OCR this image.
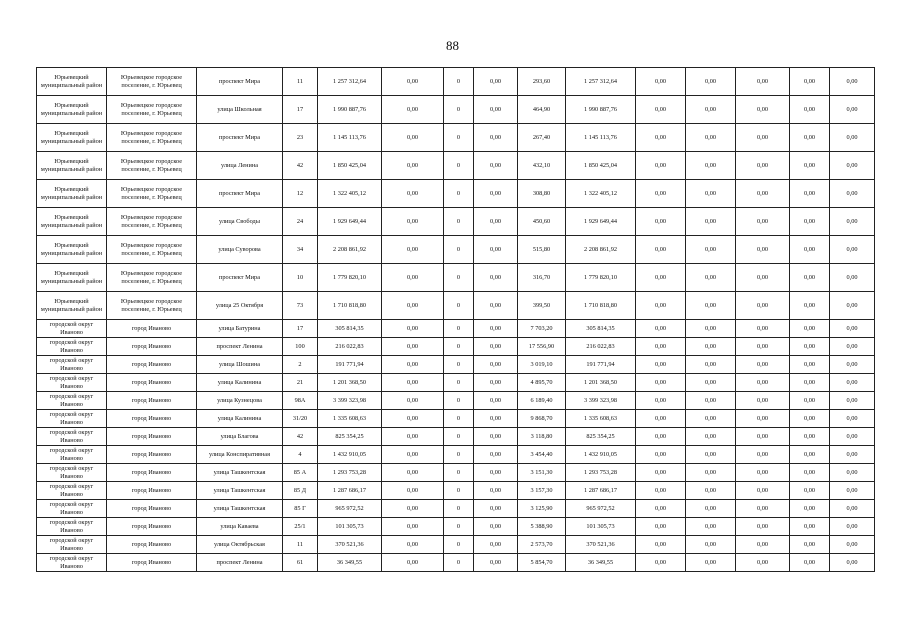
88
Юрьевецкий муниципальный район	Юрьевецкое городское поселение, г. Юрьевец	проспект Мира	11	1 257 312,64	0,00	0	0,00	293,60	1 257 312,64	0,00	0,00	0,00	0,00	0,00
Юрьевецкий муниципальный район	Юрьевецкое городское поселение, г. Юрьевец	улица Школьная	17	1 990 887,76	0,00	0	0,00	464,90	1 990 887,76	0,00	0,00	0,00	0,00	0,00
Юрьевецкий муниципальный район	Юрьевецкое городское поселение, г. Юрьевец	проспект Мира	23	1 145 113,76	0,00	0	0,00	267,40	1 145 113,76	0,00	0,00	0,00	0,00	0,00
Юрьевецкий муниципальный район	Юрьевецкое городское поселение, г. Юрьевец	улица Ленина	42	1 850 425,04	0,00	0	0,00	432,10	1 850 425,04	0,00	0,00	0,00	0,00	0,00
Юрьевецкий муниципальный район	Юрьевецкое городское поселение, г. Юрьевец	проспект Мира	12	1 322 405,12	0,00	0	0,00	308,80	1 322 405,12	0,00	0,00	0,00	0,00	0,00
Юрьевецкий муниципальный район	Юрьевецкое городское поселение, г. Юрьевец	улица Свободы	24	1 929 649,44	0,00	0	0,00	450,60	1 929 649,44	0,00	0,00	0,00	0,00	0,00
Юрьевецкий муниципальный район	Юрьевецкое городское поселение, г. Юрьевец	улица Суворова	34	2 208 861,92	0,00	0	0,00	515,80	2 208 861,92	0,00	0,00	0,00	0,00	0,00
Юрьевецкий муниципальный район	Юрьевецкое городское поселение, г. Юрьевец	проспект Мира	10	1 779 820,10	0,00	0	0,00	316,70	1 779 820,10	0,00	0,00	0,00	0,00	0,00
Юрьевецкий муниципальный район	Юрьевецкое городское поселение, г. Юрьевец	улица 25 Октября	73	1 710 818,80	0,00	0	0,00	399,50	1 710 818,80	0,00	0,00	0,00	0,00	0,00
городской округ Иваново	город Иваново	улица Батурина	17	305 814,35	0,00	0	0,00	7 703,20	305 814,35	0,00	0,00	0,00	0,00	0,00
городской округ Иваново	город Иваново	проспект Ленина	100	216 022,83	0,00	0	0,00	17 556,90	216 022,83	0,00	0,00	0,00	0,00	0,00
городской округ Иваново	город Иваново	улица Шошина	2	191 771,94	0,00	0	0,00	3 019,10	191 771,94	0,00	0,00	0,00	0,00	0,00
городской округ Иваново	город Иваново	улица Калинина	21	1 201 368,50	0,00	0	0,00	4 895,70	1 201 368,50	0,00	0,00	0,00	0,00	0,00
городской округ Иваново	город Иваново	улица Кузнецова	98А	3 399 323,98	0,00	0	0,00	6 189,40	3 399 323,98	0,00	0,00	0,00	0,00	0,00
городской округ Иваново	город Иваново	улица Калинина	31/20	1 335 608,63	0,00	0	0,00	9 868,70	1 335 608,63	0,00	0,00	0,00	0,00	0,00
городской округ Иваново	город Иваново	улица Благова	42	825 354,25	0,00	0	0,00	3 118,80	825 354,25	0,00	0,00	0,00	0,00	0,00
городской округ Иваново	город Иваново	улица Конспиративная	4	1 432 910,05	0,00	0	0,00	3 454,40	1 432 910,05	0,00	0,00	0,00	0,00	0,00
городской округ Иваново	город Иваново	улица Ташкентская	85 А	1 293 753,28	0,00	0	0,00	3 151,30	1 293 753,28	0,00	0,00	0,00	0,00	0,00
городской округ Иваново	город Иваново	улица Ташкентская	85 Д	1 287 686,17	0,00	0	0,00	3 157,30	1 287 686,17	0,00	0,00	0,00	0,00	0,00
городской округ Иваново	город Иваново	улица Ташкентская	85 Г	965 972,52	0,00	0	0,00	3 125,90	965 972,52	0,00	0,00	0,00	0,00	0,00
городской округ Иваново	город Иваново	улица Каваева	25/1	101 305,73	0,00	0	0,00	5 388,90	101 305,73	0,00	0,00	0,00	0,00	0,00
городской округ Иваново	город Иваново	улица Октябрьская	11	370 521,36	0,00	0	0,00	2 573,70	370 521,36	0,00	0,00	0,00	0,00	0,00
городской округ Иваново	город Иваново	проспект Ленина	61	36 349,55	0,00	0	0,00	5 854,70	36 349,55	0,00	0,00	0,00	0,00	0,00
